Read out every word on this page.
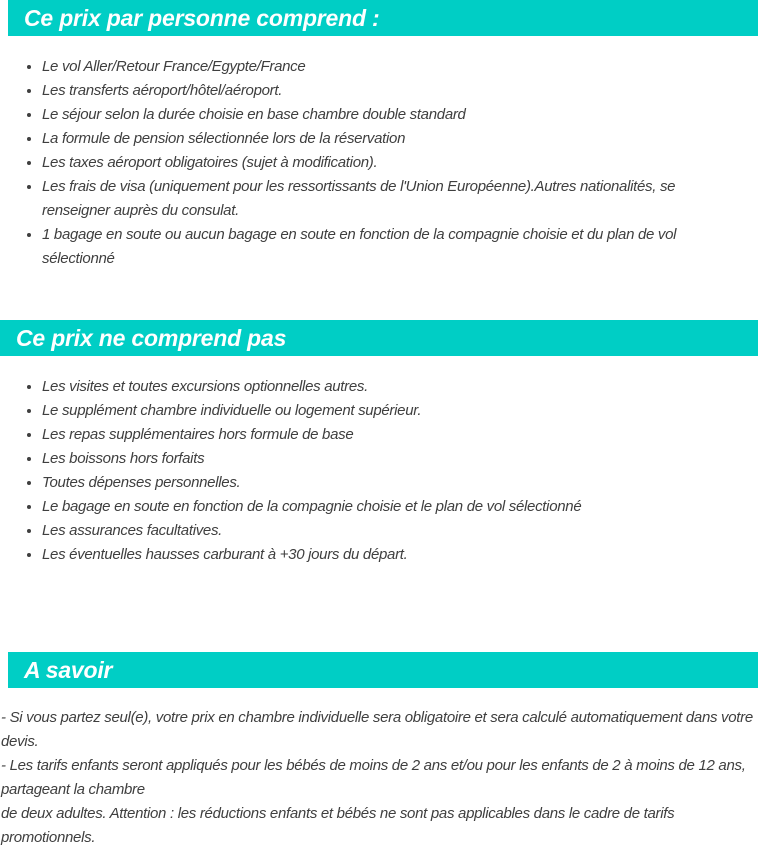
Ce prix par personne comprend :
• Le vol Aller/Retour France/Egypte/France
• Les transferts aéroport/hôtel/aéroport.
• Le séjour selon la durée choisie en base chambre double standard
• La formule de pension sélectionnée lors de la réservation
• Les taxes aéroport obligatoires (sujet à modification).
• Les frais de visa (uniquement pour les ressortissants de l'Union Européenne).Autres nationalités, se renseigner auprès du consulat.
• 1 bagage en soute ou aucun bagage en soute en fonction de la compagnie choisie et du plan de vol sélectionné
Ce prix ne comprend pas
• Les visites et toutes excursions optionnelles autres.
• Le supplément chambre individuelle ou logement supérieur.
• Les repas supplémentaires hors formule de base
• Les boissons hors forfaits
• Toutes dépenses personnelles.
• Le bagage en soute en fonction de la compagnie choisie et le plan de vol sélectionné
• Les assurances facultatives.
• Les éventuelles hausses carburant à +30 jours du départ.
A savoir

- Si vous partez seul(e), votre prix en chambre individuelle sera obligatoire et sera calculé automatiquement dans votre devis.

- Les tarifs enfants seront appliqués pour les bébés de moins de 2 ans et/ou pour les enfants de 2 à moins de 12 ans, partageant la chambre

de deux adultes. Attention : les réductions enfants et bébés ne sont pas applicables dans le cadre de tarifs promotionnels.
